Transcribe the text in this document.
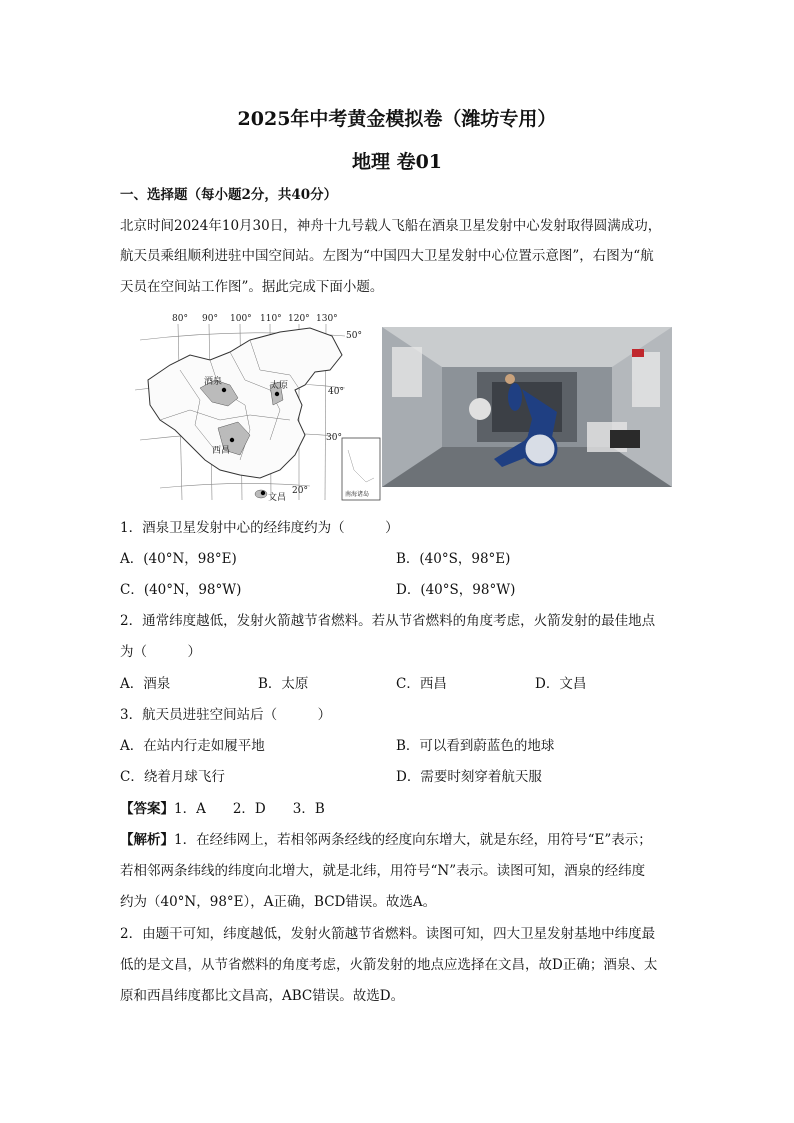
2025年中考黄金模拟卷（潍坊专用）
地理 卷01
一、选择题（每小题2分，共40分）
北京时间2024年10月30日，神舟十九号载人飞船在酒泉卫星发射中心发射取得圆满成功，
航天员乘组顺利进驻中国空间站。左图为“中国四大卫星发射中心位置示意图”，右图为“航
天员在空间站工作图”。据此完成下面小题。
80° 90° 100° 110° 120° 130°
50°
40°
30°
20°
酒泉	太原
西昌
文昌	南海诸岛
1．酒泉卫星发射中心的经纬度约为（　　　）
A．(40°N，98°E)	B．(40°S，98°E)
C．(40°N，98°W)	D．(40°S，98°W)
2．通常纬度越低，发射火箭越节省燃料。若从节省燃料的角度考虑，火箭发射的最佳地点
为（　　　）
A．酒泉	B．太原	C．西昌	D．文昌
3．航天员进驻空间站后（　　　）
A．在站内行走如履平地	B．可以看到蔚蓝色的地球
C．绕着月球飞行	D．需要时刻穿着航天服
【答案】1．A　　2．D　　3．B
【解析】1．在经纬网上，若相邻两条经线的经度向东增大，就是东经，用符号“E”表示；
若相邻两条纬线的纬度向北增大，就是北纬，用符号“N”表示。读图可知，酒泉的经纬度
约为（40°N，98°E），A正确，BCD错误。故选A。
2．由题干可知，纬度越低，发射火箭越节省燃料。读图可知，四大卫星发射基地中纬度最
低的是文昌，从节省燃料的角度考虑，火箭发射的地点应选择在文昌，故D正确；酒泉、太
原和西昌纬度都比文昌高，ABC错误。故选D。
